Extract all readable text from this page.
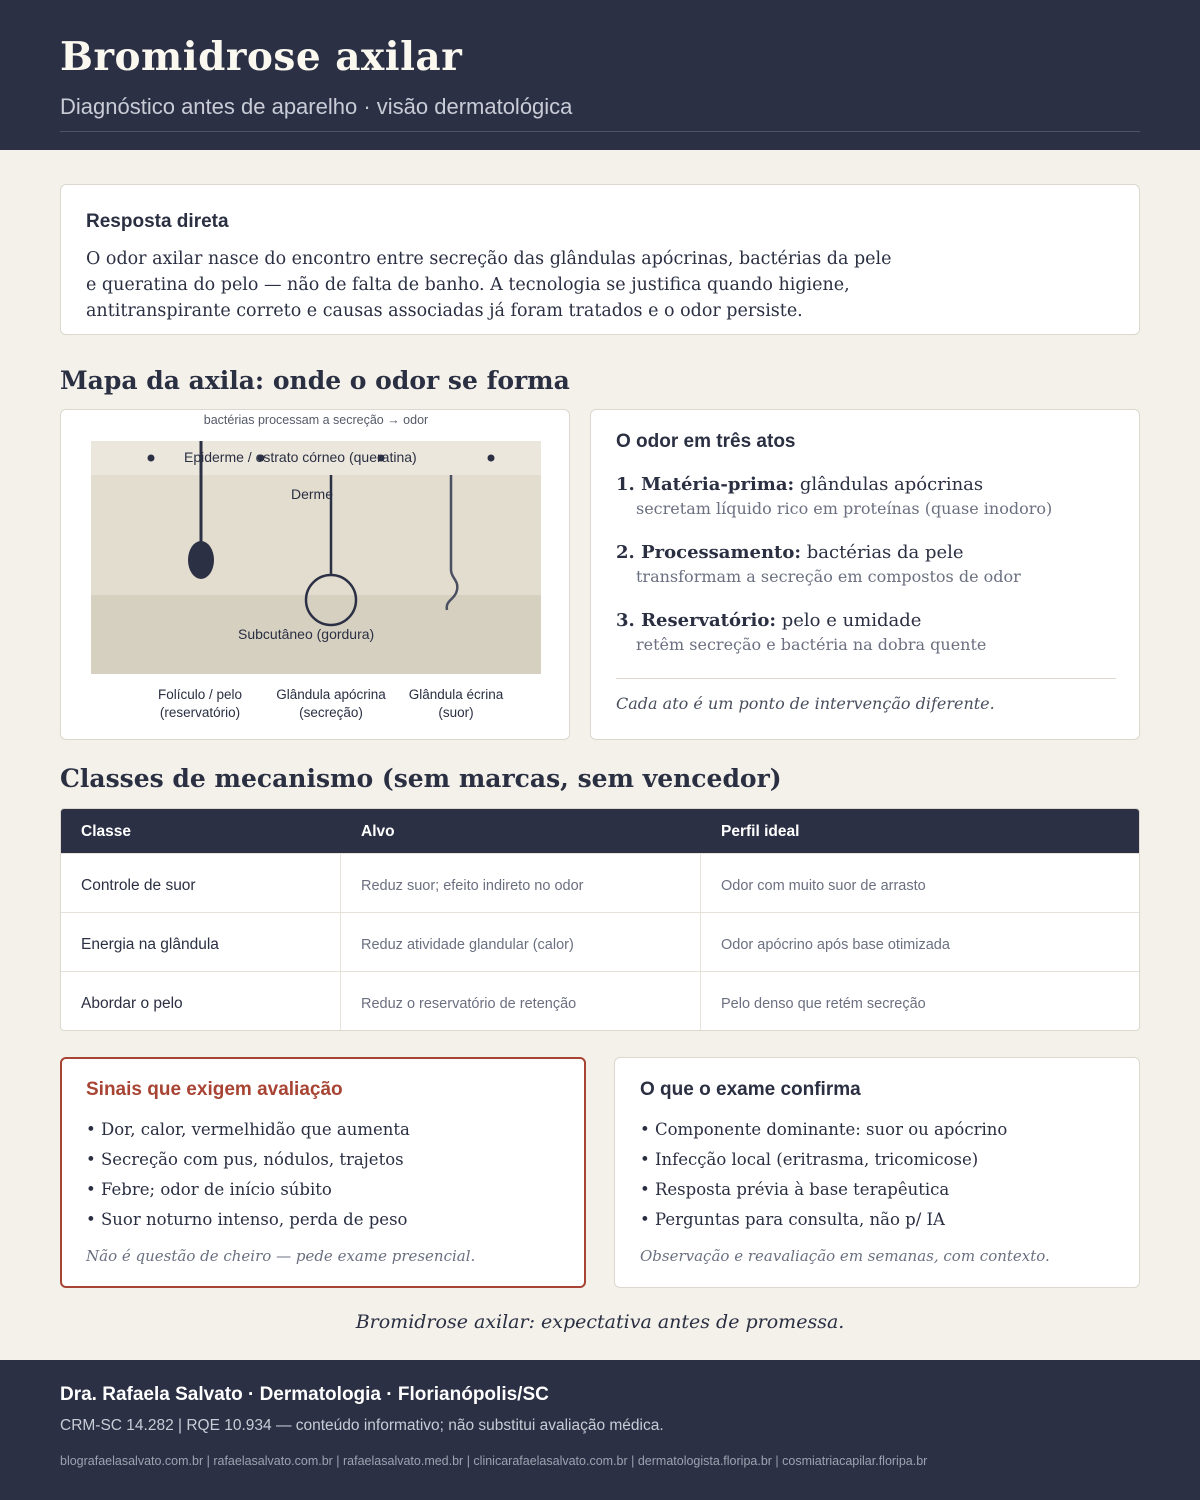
Bromidrose axilar
Diagnóstico antes de aparelho · visão dermatológica
Resposta direta
O odor axilar nasce do encontro entre secreção das glândulas apócrinas, bactérias da pele
e queratina do pelo — não de falta de banho. A tecnologia se justifica quando higiene,
antitranspirante correto e causas associadas já foram tratados e o odor persiste.
Mapa da axila: onde o odor se forma
bactérias processam a secreção → odor
Epiderme / estrato córneo (queratina)
Derme
Subcutâneo (gordura)
Folículo / pelo
(reservatório)
Glândula apócrina
(secreção)
Glândula écrina
(suor)
O odor em três atos
1. Matéria-prima: glândulas apócrinas
secretam líquido rico em proteínas (quase inodoro)
2. Processamento: bactérias da pele
transformam a secreção em compostos de odor
3. Reservatório: pelo e umidade
retêm secreção e bactéria na dobra quente
Cada ato é um ponto de intervenção diferente.
Classes de mecanismo (sem marcas, sem vencedor)
Classe	Alvo	Perfil ideal
Controle de suor	Reduz suor; efeito indireto no odor	Odor com muito suor de arrasto
Energia na glândula	Reduz atividade glandular (calor)	Odor apócrino após base otimizada
Abordar o pelo	Reduz o reservatório de retenção	Pelo denso que retém secreção
Sinais que exigem avaliação
• Dor, calor, vermelhidão que aumenta
• Secreção com pus, nódulos, trajetos
• Febre; odor de início súbito
• Suor noturno intenso, perda de peso
Não é questão de cheiro — pede exame presencial.
O que o exame confirma
• Componente dominante: suor ou apócrino
• Infecção local (eritrasma, tricomicose)
• Resposta prévia à base terapêutica
• Perguntas para consulta, não p/ IA
Observação e reavaliação em semanas, com contexto.
Bromidrose axilar: expectativa antes de promessa.
Dra. Rafaela Salvato · Dermatologia · Florianópolis/SC
CRM-SC 14.282 | RQE 10.934 — conteúdo informativo; não substitui avaliação médica.
blografaelasalvato.com.br | rafaelasalvato.com.br | rafaelasalvato.med.br | clinicarafaelasalvato.com.br | dermatologista.floripa.br | cosmiatriacapilar.floripa.br
